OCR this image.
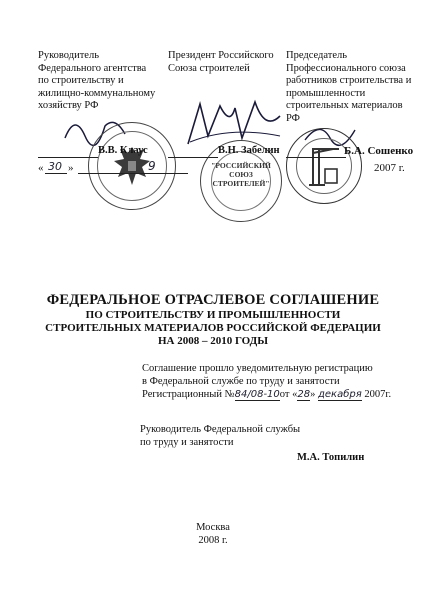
Руководитель
Федерального агентства
по строительству и
жилищно-коммунальному
хозяйству РФ
Президент Российского
Союза строителей
Председатель
Профессионального союза
работников строительства и
промышленности
строительных материалов
РФ
"РОССИЙСКИЙ
СОЮЗ
СТРОИТЕЛЕЙ"
В.В. Клаус	В.Н. Забелин	Б.А. Сошенко
« 30 »	9	2007 г.
ФЕДЕРАЛЬНОЕ ОТРАСЛЕВОЕ СОГЛАШЕНИЕ
ПО СТРОИТЕЛЬСТВУ И ПРОМЫШЛЕННОСТИ
СТРОИТЕЛЬНЫХ МАТЕРИАЛОВ РОССИЙСКОЙ ФЕДЕРАЦИИ
НА 2008 – 2010 ГОДЫ
Соглашение прошло уведомительную регистрацию
в Федеральной службе по труду и занятости
Регистрационный №84/08-10от «28» декабря 2007г.
Руководитель Федеральной службы
по труду и занятости
М.А. Топилин
Москва
2008 г.
